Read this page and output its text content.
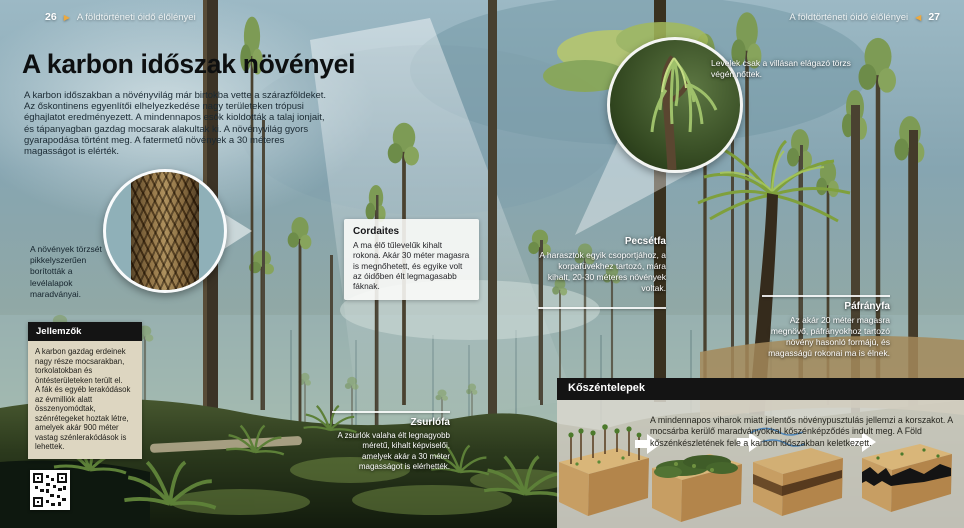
26 ▶ A földtörténeti óidő élőlényei	A földtörténeti óidő élőlényei ◀ 27
A karbon időszak növényei

A karbon időszakban a növényvilág már birtokba vette a szárazföldeket. Az őskontinens egyenlítői elhelyezkedése nagy területeken trópusi éghajlatot eredményezett. A mindennapos esők kioldották a talaj ionjait, és tápanyagban gazdag mocsarak alakultak ki. A növényvilág gyors gyarapodása történt meg. A fatermetű növények a 30 méteres magasságot is elérték.

A növények törzsét pikkelyszerűen borították a levélalapok maradványai.

Jellemzők

A karbon gazdag erdeinek nagy része mocsarakban, torkolatokban és öntésterületeken terült el.

A fák és egyéb lerakódások az évmilliók alatt összenyomódtak, szénrétegeket hoztak létre, amelyek akár 900 méter vastag szénlerakódások is lehettek.

Cordaites

A ma élő tűlevelűk kihalt rokona. Akár 30 méter magasra is megnőhetett, és egyike volt az óidőben élt legmagasabb fáknak.

Pecsétfa
A harasztok egyik csoportjához, a korpafüvekhez tartozó, mára kihalt, 20-30 méteres növények voltak.

Levelek csak a villásan elágazó törzs végén nőttek.

Páfrányfa
Az akár 20 méter magasra megnövő, páfrányokhoz tartozó növény hasonló formájú, és magasságú rokonai ma is élnek.
Zsurlófa
A zsurlók valaha élt legnagyobb méretű, kihalt képviselői, amelyek akár a 30 méter magasságot is elérhették.
Kőszéntelepek

A mindennapos viharok miatt jelentős növénypusztulás jellemzi a korszakot. A mocsárba kerülő maradványokkal kőszénképződés indult meg. A Föld kőszénkészletének fele a karbon időszakban keletkezett.
